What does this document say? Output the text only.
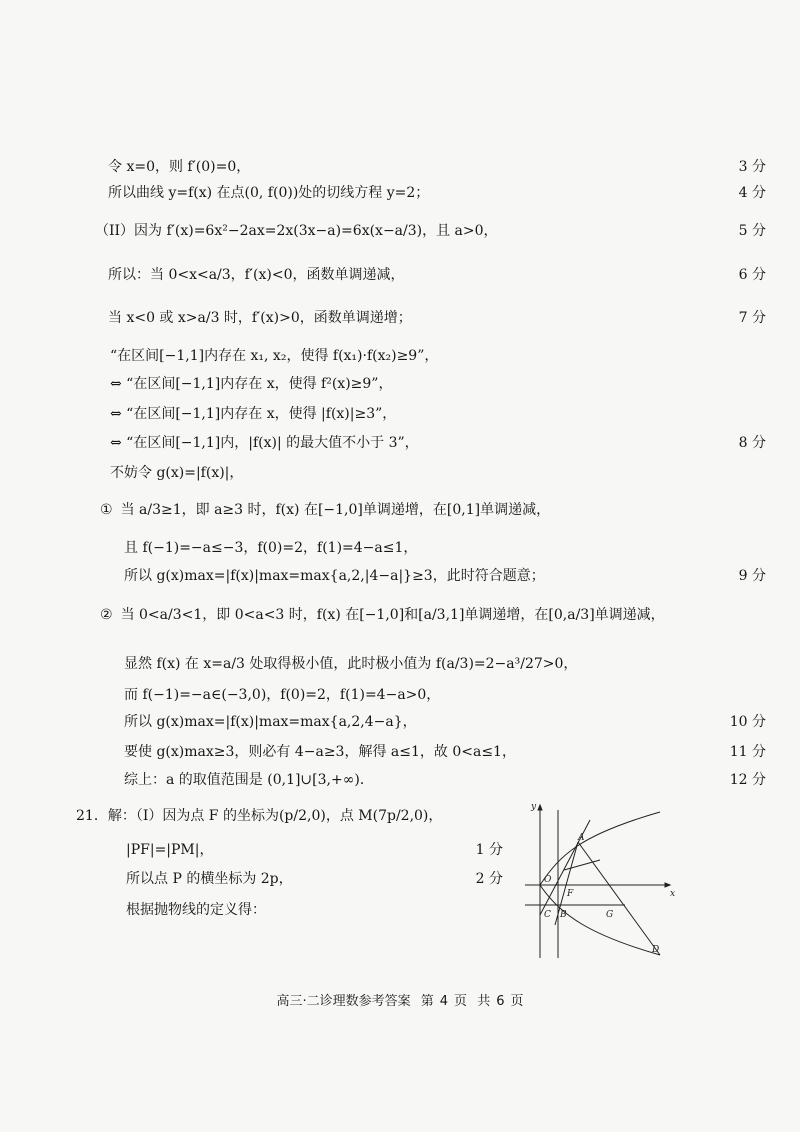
令 x=0，则 f′(0)=0，	3 分
所以曲线 y=f(x) 在点(0, f(0))处的切线方程 y=2；	4 分
（II）因为 f′(x)=6x²−2ax=2x(3x−a)=6x(x−a/3)，且 a>0，	5 分
所以：当 0<x<a/3，f′(x)<0，函数单调递减，	6 分
当 x<0 或 x>a/3 时，f′(x)>0，函数单调递增；	7 分
“在区间[−1,1]内存在 x₁, x₂，使得 f(x₁)·f(x₂)≥9”，
⇔ “在区间[−1,1]内存在 x，使得 f²(x)≥9”，
⇔ “在区间[−1,1]内存在 x，使得 |f(x)|≥3”，
⇔ “在区间[−1,1]内，|f(x)| 的最大值不小于 3”，	8 分
不妨令 g(x)=|f(x)|，
① 当 a/3≥1，即 a≥3 时，f(x) 在[−1,0]单调递增，在[0,1]单调递减，
且 f(−1)=−a≤−3，f(0)=2，f(1)=4−a≤1，
所以 g(x)max=|f(x)|max=max{a,2,|4−a|}≥3，此时符合题意；	9 分
② 当 0<a/3<1，即 0<a<3 时，f(x) 在[−1,0]和[a/3,1]单调递增，在[0,a/3]单调递减，
显然 f(x) 在 x=a/3 处取得极小值，此时极小值为 f(a/3)=2−a³/27>0，
而 f(−1)=−a∈(−3,0)，f(0)=2，f(1)=4−a>0，
所以 g(x)max=|f(x)|max=max{a,2,4−a}，	10 分
要使 g(x)max≥3，则必有 4−a≥3，解得 a≤1，故 0<a≤1，	11 分
综上：a 的取值范围是 (0,1]∪[3,+∞)．	12 分
21．解：（I）因为点 F 的坐标为(p/2,0)，点 M(7p/2,0)，
|PF|=|PM|，	1 分
所以点 P 的横坐标为 2p，	2 分
根据抛物线的定义得：
y
x
A
O
F
C B	G
D
高三·二诊理数参考答案 第 4 页 共 6 页
